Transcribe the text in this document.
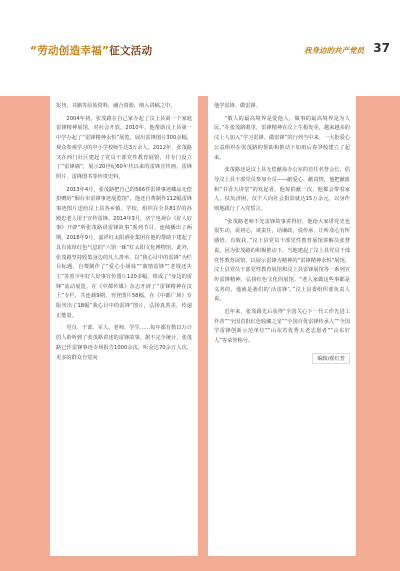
“劳动创造幸福”征文活动	我身边的共产党员 37

报刊、书籍等原始资料，融合资源，纳入讲稿之中。

2004年初，张茂路在自己家办起了汶上县第一个家庭雷锋精神展馆，对社会开放。2010年，他帮助汶上县第一中学办起了“雷锋精神永恒”展览，展出雷锋图片300余幅，观众参观学习的中小学校师生达3万余人。2012年，张茂路又在西门社区建起了党员干部党性教育展馆，并专门设立了“雷锋墙”，展示20世纪60年代以来的雷锋宣传画、雷锋照片、雷锋图书等珍贵史料。

2013年4月，张茂路把自己的566件雷锋事迹藏品无偿捐赠给“烟台市雷锋事迹展览馆”，他还自费制作112幅雷锋事迹图片送给汶上县各乡镇、学校，组织在全县81岁的孙殿忠老人用于宣传雷锋。2014年3月，济宁电视台《好人好事》开辟“听张茂路讲雷锋故事”系列节目，连续播出了两期。2018年9月，嘉祥红太阳酒业集团在他的帮助下建起了具有浓厚红色气息的“六馆一廊”红太阳文化博物馆。此外，张茂路坚持收集身边的凡人善举，以“我心目中的雷锋”为栏目标题，自费制作了“爱心小姐妹”“离情雷锋”“老钱还失主”等善少年好人好事宣传图片120多幅，组成了“身边的雷锋”流动展览。在《中都传媒》杂志开辟了“雷锋精神在汶上”专栏，共连载9期，刊登图片58幅。在《中都广场》专版刊出了18幅“我心目中的雷锋”图片，弘扬真善美，传递正能量。

党员、干部、军人、老师、学生……每年都有数以万计的人聆听到了张茂路讲述的雷锋故事。据不完全统计，张茂路已作雷锋事迹专场报告1000余次，听众达70余万人次，更多的群众自觉向

他学雷锋、做雷锋。

“敬人的最高境界是爱他人，做事的最高境界是为人民。”在张茂路眼里，雷锋精神在汶上生根发芽，越来越多的汶上人加入“学习雷锋、做雷锋”的行列当中来。一大批爱心公益组织在张茂路的帮助和推动下如雨后春笋般建立了起来。

张茂路还是汶上县无偿献血办公室的首任名誉会长，倡导汶上县干部党员参加全员——献爱心、献真情，他把献血和“书香大讲堂”的发起者。他每捐献一次，他都会带着家人、扶负济困，仅个人向社会捐款就达15万余元，以身作则地践行了入党誓言。

“张茂路老师不光雷锋故事讲得好，他给大家讲党史也很生动，说初心，谈责任，话廉政，说传承，让听众心有所感悟、有收获。”汶上县党员干部党性教育展馆讲解员张慧说。因为张茂路的积极推动下，当地建起了汶上县党员干部党性教育展馆，以展示雷锋为精神的“雷锋精神永恒”展馆，汶上县党员干部党性教育展馆和汶上县雷锋展馆等一系列宣传雷锋精神、弘扬红色文化的展馆。“老人家做这些事都是义务的，他就是我们的‘活雷锋’。”汶上县委组织部负责人说。

近年来，张茂路先后获得“全国关心下一代工作先进工作者”“全国首批红色收藏之星”“全国百优雷锋传承人”“全国学雷锋创新示范单位”“山东省优秀五老志愿者”“山东好人”等荣誉称号。

编辑/翟红普
